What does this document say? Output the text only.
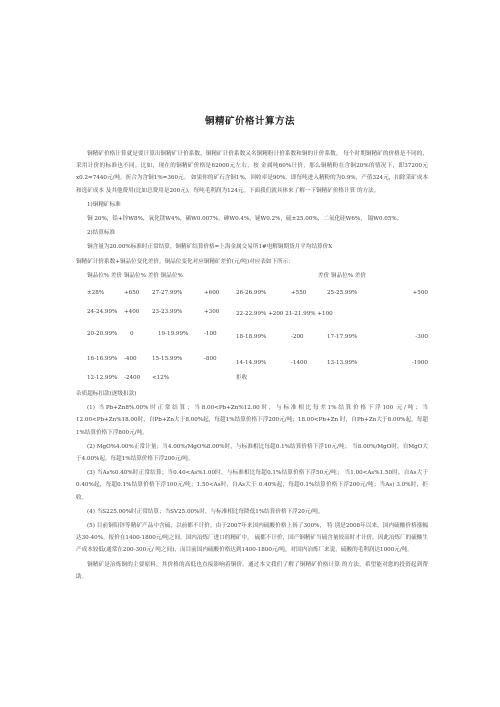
铜精矿价格计算方法

铜精矿价格计算就是要计算出铜精矿计价系数，铜精矿计价系数又名铜精粉计价系数和铜的计价系数。 每个时期铜精矿的价格是不同的，采用计价的标准也不同。比如，现在的铜精矿价格是62000元左右，按 金属吨60%计价，那么铜精粉在含铜20%的情况下，即37200元x0.2=7440元/吨。折合为含铜1%=360元。 如果你的矿石含铜1%，回收率是90%，即每吨进入精粉的为0.9%，产值324元，扣除采矿成本和选矿成本 及其他费用(比如总费用是200元)，每吨毛利润为124元。下面我们就具体来了解一下铜精矿价格计算 的方法。

1)铜精矿标准

铜 20%，铅+锌W8%，氧化镁W4%，硒W0.007%，砷W0.4%，铋W0.2%，硫±25.00%，二氧化硅W6%， 镉W0.05%。

2)结算标准

铜含量为20.00%标准时正常结算，铜精矿结算价格=上海金属交易所1#电解铜期货月平均结算价X

铜精矿计价系数+铜品位变化差价。铜品位变化对应铜精矿差价(元/吨)对应表如下所示：

铜品位% 差价 铜品位% 差价 铜品位%	差价 铜品位% 差价
±28%	+650	27-27.99%	+600	26-26.99%	+550	25-25.99%	+500
24-24.99%	+400	23-23.99%	+300	22-22.99% +200 21-21.99% +100			
20-20.99%	0	19-19.99%	-100	18-18.99%	-200	17-17.99%	-300
16-16.99%	-400	15-15.99%	-800	14-14.99%	-1400	13-13.99%	-1900
12-12.99%	-2400	<12%		拒收			

杂质超标扣款(逐级扣款)

(1) 当Pb+Zn8%.00%时正常结算；当8.00<Pb+Zn%12.00时，与标准相比每差1%结算价格下浮100 元/吨；当12.00<Pb+Zn%18.00时，自Pb+Zn大于8.00%起，每超1%结算价格下浮200元/吨；18.00<Pb+Zn 时，自Pb+Zn大于8.00%起，每超1%结算价格下浮800元/吨。

(2) MgO%4.00%正常计量；当4.00%/MgO%8.00%时，与标准相比每超0.1%结算价格下浮10元/吨； 当8.00%/MgO时，自MgO大于4.00%起，每超1%结算价格下浮200元/吨。

(3) 当As%0.40%时正常结算；当0.40<As%1.00时，与标准相比每超0.1%结算价格下浮50元/吨； 当1.00<As%1.50时，自As大于0.40%起，每超0.1%结算价格下浮100元/吨；1.50<As时，自As大于 0.40%起，每超0.1%结算价格下浮200元/吨；当As) 3.0%时，拒收。

(4) 当S225.00%时正常结算；当SV25.00%时，与标准相比每降低1%结算价格下浮20元/吨。

(5) 目前铜铅锌等精矿产品中含硫，以前都不计价。由于2007年来国内硫酸价格上扬了300%， 特 别是2008年以来，国内硫酸价格涨幅达30-40%。报价在1400-1800元/吨之间。国内冶炼厂进口的精矿中， 硫都不计价，国产铜精矿当硫含量较高时才计价，因此冶炼厂的硫酸生产成本较低(通常在200-300元/ 吨之间)，而目前国内硫酸价格达到1400-1800元/吨，对国内冶炼厂来说，硫酸的毛利润达1000元/吨。

铜精矿是冶炼铜的主要原料，其价格的高低也直接影响着铜价。通过本文我们了解了铜精矿价格计算 的方法，希望能对您的投资起到帮助。
